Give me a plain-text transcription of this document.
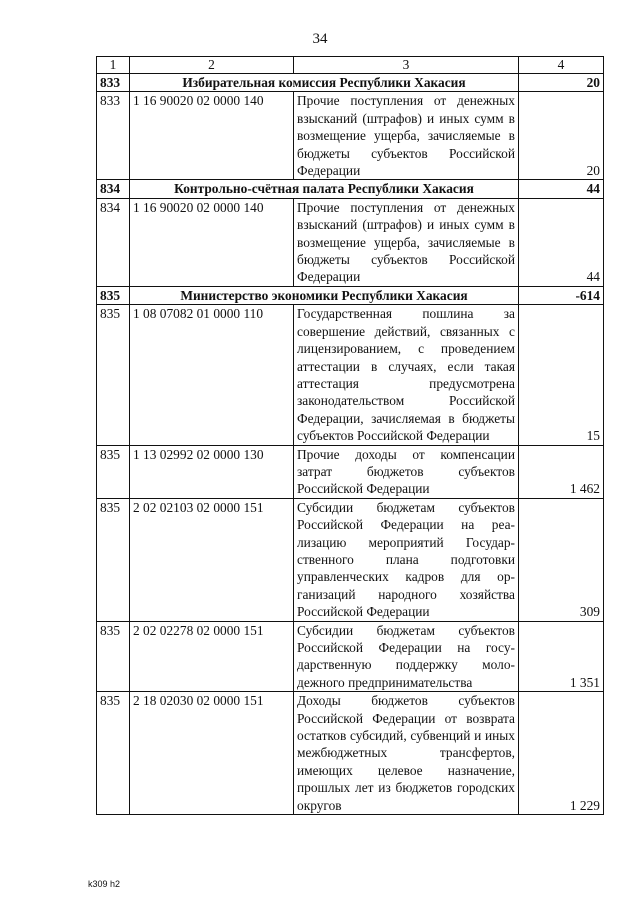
34
1	2	3	4
833	Избирательная комиссия Республики Хакасия		20
833	1 16 90020 02 0000 140	Прочие поступления от денежных взысканий (штрафов) и иных сумм в возмещение ущерба, зачисляемые в бюджеты субъектов Российской Федерации	20
834	Контрольно-счётная палата Республики Хакасия		44
834	1 16 90020 02 0000 140	Прочие поступления от денежных взысканий (штрафов) и иных сумм в возмещение ущерба, зачисляемые в бюджеты субъектов Российской Федерации	44
835	Министерство экономики Республики Хакасия		-614
835	1 08 07082 01 0000 110	Государственная пошлина за совершение действий, связанных с лицензированием, с проведением аттестации в случаях, если такая аттестация предусмотрена законодательством Российской Федерации, зачисляемая в бюджеты субъектов Российской Федерации	15
835	1 13 02992 02 0000 130	Прочие доходы от компенсации затрат бюджетов субъектов Российской Федерации	1 462
835	2 02 02103 02 0000 151	Субсидии бюджетам субъектов Российской Федерации на реализацию мероприятий Государственного плана подготовки управленческих кадров для организаций народного хозяйства Российской Федерации	309
835	2 02 02278 02 0000 151	Субсидии бюджетам субъектов Российской Федерации на государственную поддержку молодежного предпринимательства	1 351
835	2 18 02030 02 0000 151	Доходы бюджетов субъектов Российской Федерации от возврата остатков субсидий, субвенций и иных межбюджетных трансфертов, имеющих целевое назначение, прошлых лет из бюджетов городских округов	1 229
k309 h2
